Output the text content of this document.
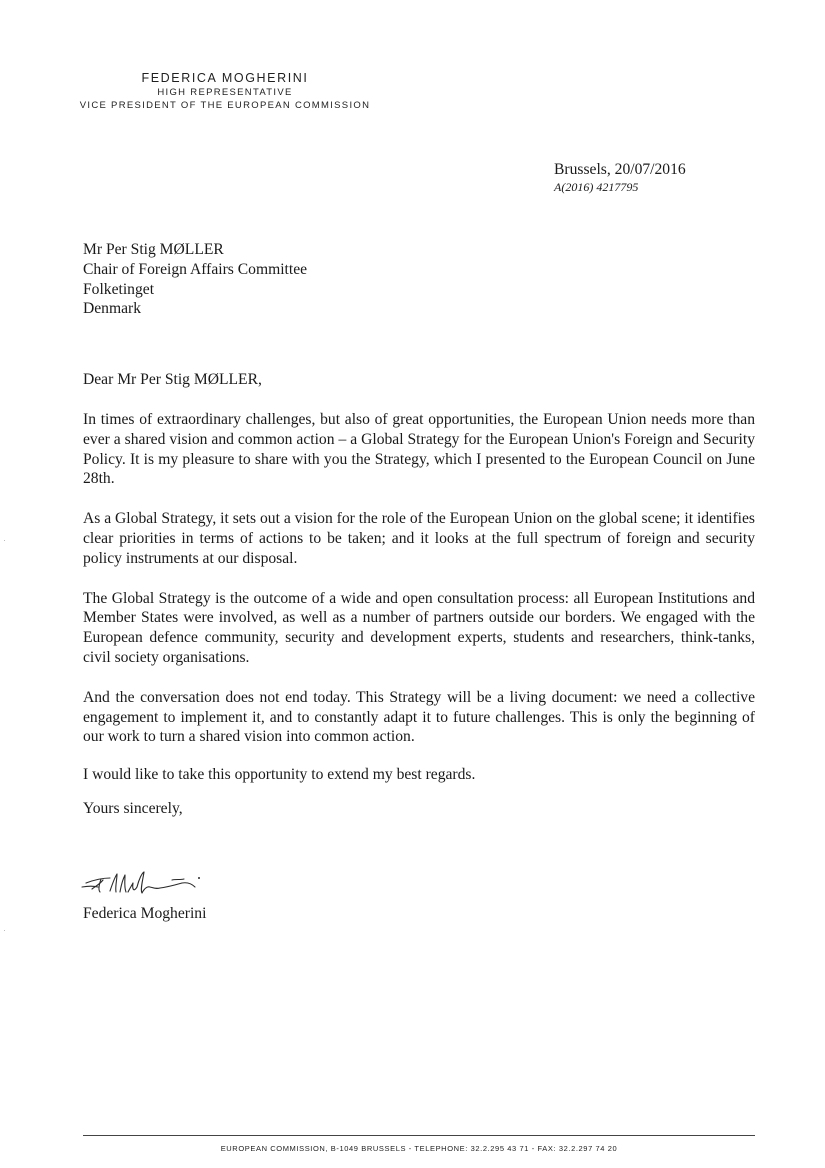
FEDERICA MOGHERINI
HIGH REPRESENTATIVE
VICE PRESIDENT OF THE EUROPEAN COMMISSION
Brussels, 20/07/2016
A(2016) 4217795
Mr Per Stig MØLLER
Chair of Foreign Affairs Committee
Folketinget
Denmark
Dear Mr Per Stig MØLLER,

In times of extraordinary challenges, but also of great opportunities, the European Union needs more than ever a shared vision and common action – a Global Strategy for the European Union's Foreign and Security Policy. It is my pleasure to share with you the Strategy, which I presented to the European Council on June 28th.

As a Global Strategy, it sets out a vision for the role of the European Union on the global scene; it identifies clear priorities in terms of actions to be taken; and it looks at the full spectrum of foreign and security policy instruments at our disposal.

The Global Strategy is the outcome of a wide and open consultation process: all European Institutions and Member States were involved, as well as a number of partners outside our borders. We engaged with the European defence community, security and development experts, students and researchers, think-tanks, civil society organisations.

And the conversation does not end today. This Strategy will be a living document: we need a collective engagement to implement it, and to constantly adapt it to future challenges. This is only the beginning of our work to turn a shared vision into common action.

I would like to take this opportunity to extend my best regards.

Yours sincerely,
Federica Mogherini
EUROPEAN COMMISSION, B-1049 BRUSSELS - TELEPHONE: 32.2.295 43 71 - FAX: 32.2.297 74 20
